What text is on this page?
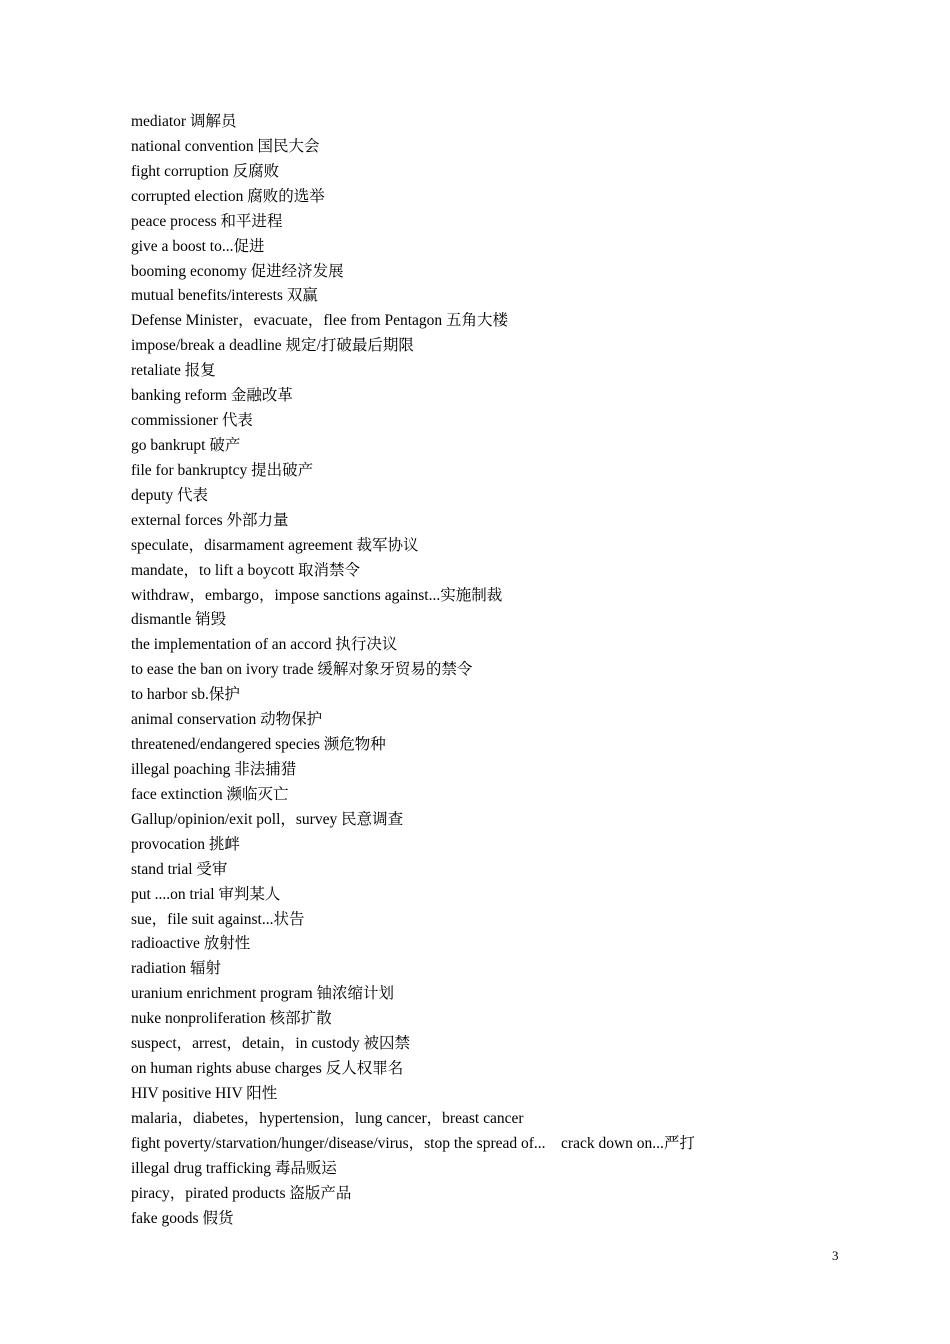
mediator 调解员
national convention 国民大会
fight corruption 反腐败
corrupted election 腐败的选举
peace process 和平进程
give a boost to...促进
booming economy 促进经济发展
mutual benefits/interests 双赢
Defense Minister，evacuate，flee from Pentagon 五角大楼
impose/break a deadline 规定/打破最后期限
retaliate 报复
banking reform 金融改革
commissioner 代表
go bankrupt 破产
file for bankruptcy 提出破产
deputy 代表
external forces 外部力量
speculate，disarmament agreement 裁军协议
mandate，to lift a boycott 取消禁令
withdraw，embargo，impose sanctions against...实施制裁
dismantle 销毁
the implementation of an accord 执行决议
to ease the ban on ivory trade 缓解对象牙贸易的禁令
to harbor sb.保护
animal conservation 动物保护
threatened/endangered species 濒危物种
illegal poaching 非法捕猎
face extinction 濒临灭亡
Gallup/opinion/exit poll，survey 民意调查
provocation 挑衅
stand trial 受审
put ....on trial 审判某人
sue，file suit against...状告
radioactive 放射性
radiation 辐射
uranium enrichment program 铀浓缩计划
nuke nonproliferation 核部扩散
suspect，arrest，detain，in custody 被囚禁
on human rights abuse charges 反人权罪名
HIV positive HIV 阳性
malaria，diabetes，hypertension，lung cancer，breast cancer
fight poverty/starvation/hunger/disease/virus，stop the spread of...    crack down on...严打
illegal drug trafficking 毒品贩运
piracy，pirated products 盗版产品
fake goods 假货
3
